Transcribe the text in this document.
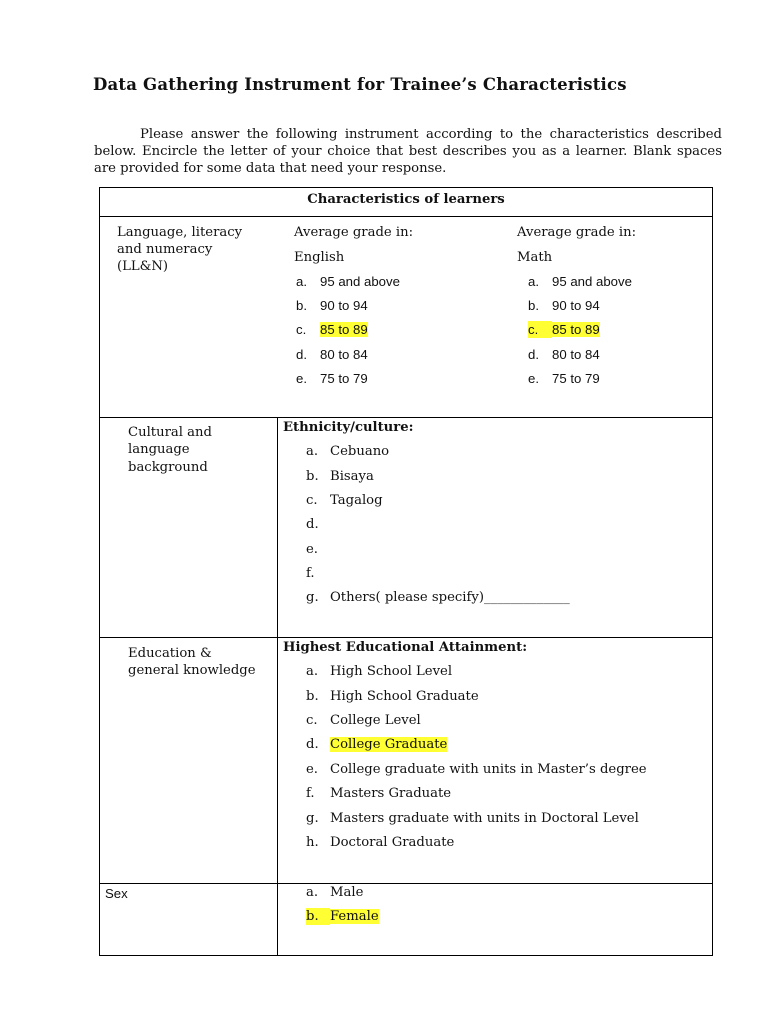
Data Gathering Instrument for Trainee’s Characteristics

Please answer the following instrument according to the characteristics described below. Encircle the letter of your choice that best describes you as a learner. Blank spaces are provided for some data that need your response.

Characteristics of learners
Language, literacy
and numeracy
(LL&N)
Average grade in:
English
a. 95 and above
b. 90 to 94
c. 85 to 89
d. 80 to 84
e. 75 to 79
Average grade in:
Math
a. 95 and above
b. 90 to 94
c. 85 to 89
d. 80 to 84
e. 75 to 79
Cultural and
language
background
Ethnicity/culture:
a. Cebuano
b. Bisaya
c. Tagalog
d.
e.
f.
g. Others( please specify)_____________
Education &
general knowledge
Highest Educational Attainment:
a. High School Level
b. High School Graduate
c. College Level
d. College Graduate
e. College graduate with units in Master’s degree
f. Masters Graduate
g. Masters graduate with units in Doctoral Level
h. Doctoral Graduate
Sex	a. Male
b. Female
